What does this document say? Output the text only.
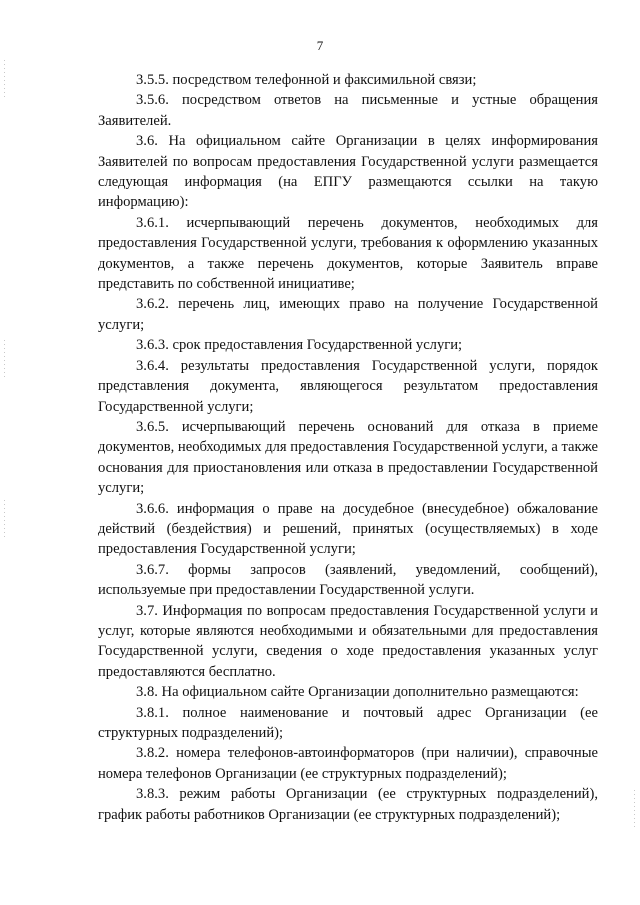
7

3.5.5. посредством телефонной и факсимильной связи;

3.5.6. посредством ответов на письменные и устные обращения Заявителей.

3.6. На официальном сайте Организации в целях информирования Заявителей по вопросам предоставления Государственной услуги размещается следующая информация (на ЕПГУ размещаются ссылки на такую информацию):

3.6.1. исчерпывающий перечень документов, необходимых для предоставления Государственной услуги, требования к оформлению указанных документов, а также перечень документов, которые Заявитель вправе представить по собственной инициативе;

3.6.2. перечень лиц, имеющих право на получение Государственной услуги;

3.6.3. срок предоставления Государственной услуги;

3.6.4. результаты предоставления Государственной услуги, порядок представления документа, являющегося результатом предоставления Государственной услуги;

3.6.5. исчерпывающий перечень оснований для отказа в приеме документов, необходимых для предоставления Государственной услуги, а также основания для приостановления или отказа в предоставлении Государственной услуги;

3.6.6. информация о праве на досудебное (внесудебное) обжалование действий (бездействия) и решений, принятых (осуществляемых) в ходе предоставления Государственной услуги;

3.6.7. формы запросов (заявлений, уведомлений, сообщений), используемые при предоставлении Государственной услуги.

3.7. Информация по вопросам предоставления Государственной услуги и услуг, которые являются необходимыми и обязательными для предоставления Государственной услуги, сведения о ходе предоставления указанных услуг предоставляются бесплатно.

3.8. На официальном сайте Организации дополнительно размещаются:

3.8.1. полное наименование и почтовый адрес Организации (ее структурных подразделений);

3.8.2. номера телефонов-автоинформаторов (при наличии), справочные номера телефонов Организации (ее структурных подразделений);

3.8.3. режим работы Организации (ее структурных подразделений), график работы работников Организации (ее структурных подразделений);
